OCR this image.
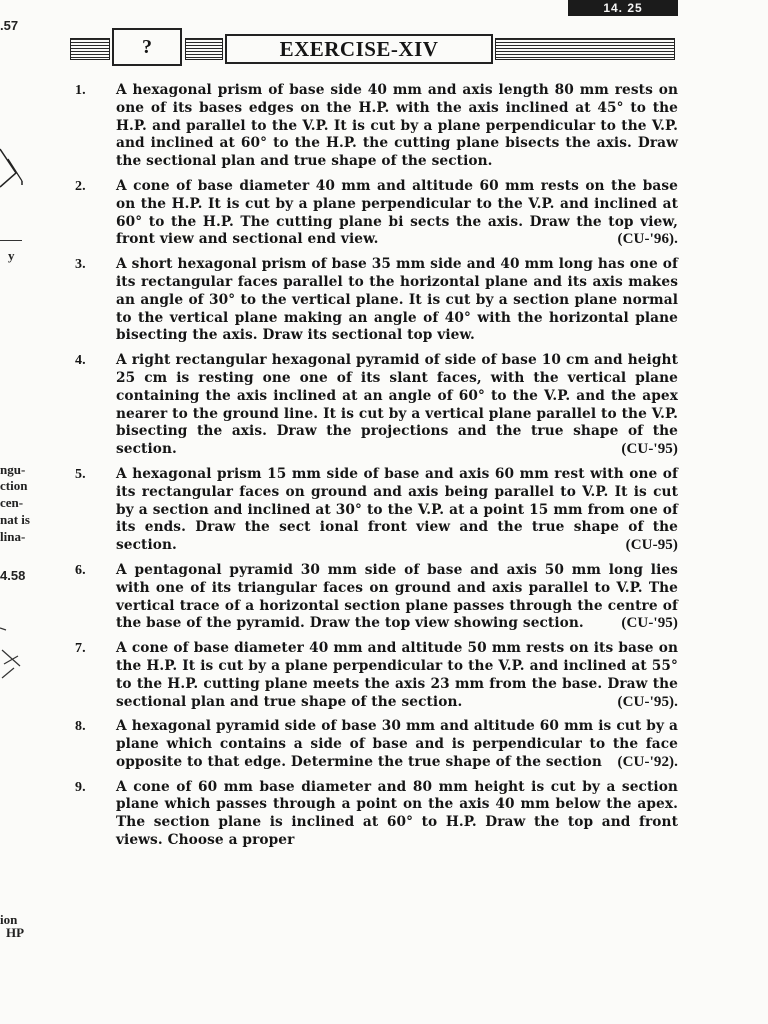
14. 25
.57
y
ngu-
ction
cen-
nat is
lina-
4.58
ion
HP
?	EXERCISE-XIV
1. A hexagonal prism of base side 40 mm and axis length 80 mm rests on one of its bases edges on the H.P. with the axis inclined at 45° to the H.P. and parallel to the V.P. It is cut by a plane perpendicular to the V.P. and inclined at 60° to the H.P. the cutting plane bisects the axis. Draw the sectional plan and true shape of the section.
2. A cone of base diameter 40 mm and altitude 60 mm rests on the base on the H.P. It is cut by a plane perpendicular to the V.P. and inclined at 60° to the H.P. The cutting plane bi sects the axis. Draw the top view, front view and sectional end view.	(CU-'96).
3. A short hexagonal prism of base 35 mm side and 40 mm long has one of its rectangular faces parallel to the horizontal plane and its axis makes an angle of 30° to the vertical plane. It is cut by a section plane normal to the vertical plane making an angle of 40° with the horizontal plane bisecting the axis. Draw its sectional top view.
4. A right rectangular hexagonal pyramid of side of base 10 cm and height 25 cm is resting one one of its slant faces, with the vertical plane containing the axis inclined at an angle of 60° to the V.P. and the apex nearer to the ground line. It is cut by a vertical plane parallel to the V.P. bisecting the axis. Draw the projections and the true shape of the section.	(CU-'95)
5. A hexagonal prism 15 mm side of base and axis 60 mm rest with one of its rectangular faces on ground and axis being parallel to V.P. It is cut by a section and inclined at 30° to the V.P. at a point 15 mm from one of its ends. Draw the sect ional front view and the true shape of the section.	(CU-95)
6. A pentagonal pyramid 30 mm side of base and axis 50 mm long lies with one of its triangular faces on ground and axis parallel to V.P. The vertical trace of a horizontal section plane passes through the centre of the base of the pyramid. Draw the top view showing section.	(CU-'95)
7. A cone of base diameter 40 mm and altitude 50 mm rests on its base on the H.P. It is cut by a plane perpendicular to the V.P. and inclined at 55° to the H.P. cutting plane meets the axis 23 mm from the base. Draw the sectional plan and true shape of the section.	(CU-'95).
8. A hexagonal pyramid side of base 30 mm and altitude 60 mm is cut by a plane which contains a side of base and is perpendicular to the face opposite to that edge. Determine the true shape of the section (CU-'92).
9. A cone of 60 mm base diameter and 80 mm height is cut by a section plane which passes through a point on the axis 40 mm below the apex. The section plane is inclined at 60° to H.P. Draw the top and front views. Choose a proper
